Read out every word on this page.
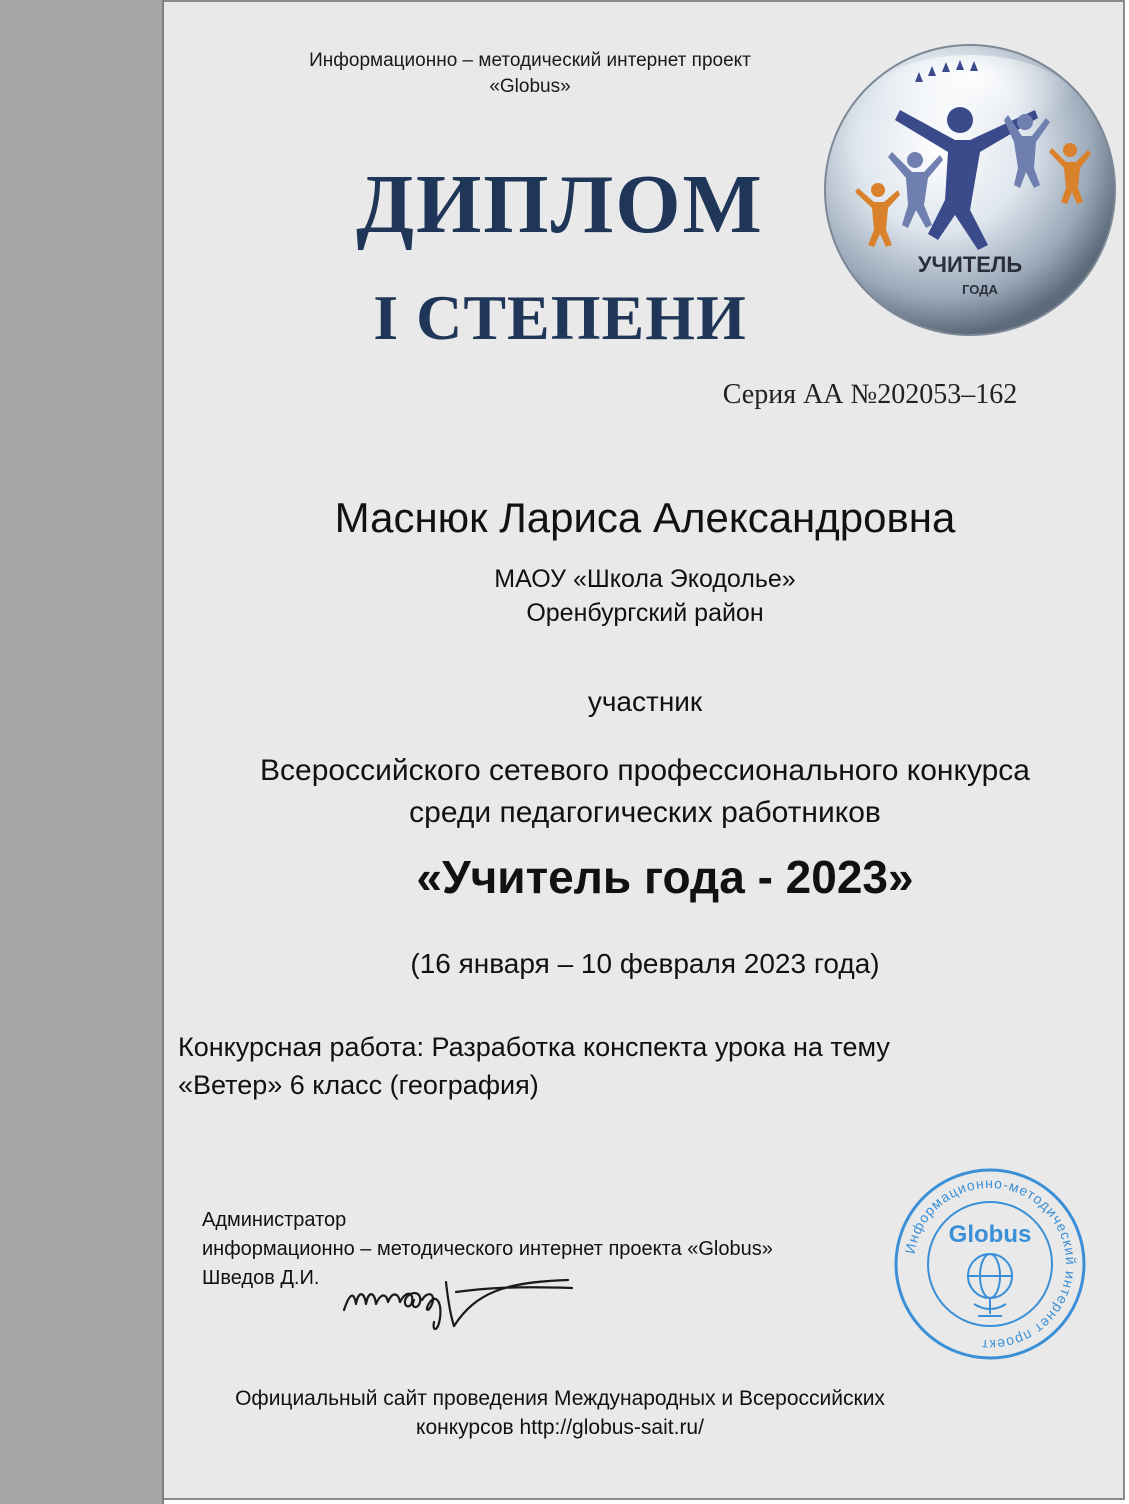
Информационно – методический интернет проект
«Globus»
ДИПЛОМ
I СТЕПЕНИ
УЧИТЕЛЬ
ГОДА
Серия АА №202053–162
Маснюк Лариса Александровна
МАОУ «Школа Экодолье»
Оренбургский район
участник
Всероссийского сетевого профессионального конкурса
среди педагогических работников
«Учитель года - 2023»
(16 января – 10 февраля 2023 года)
Конкурсная работа: Разработка конспекта урока на тему
«Ветер» 6 класс (география)
Администратор
информационно – методического интернет проекта «Globus»
Шведов Д.И.
Информационно-методический интернет проект
Globus
Официальный сайт проведения Международных и Всероссийских
конкурсов http://globus-sait.ru/
